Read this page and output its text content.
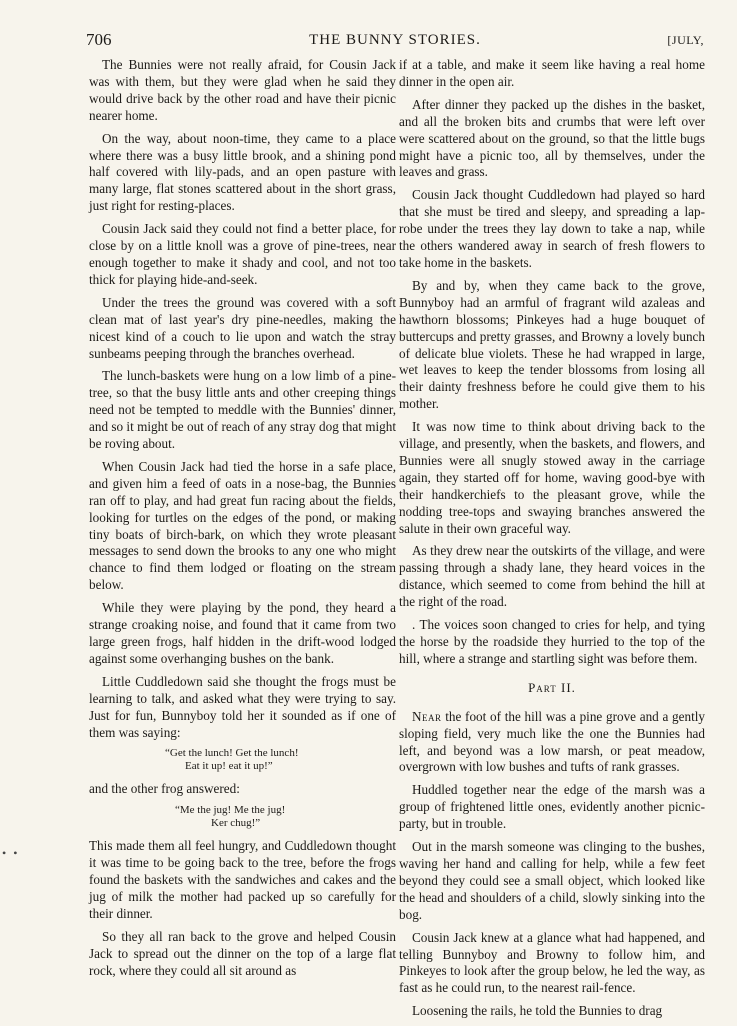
706	THE BUNNY STORIES.	[JULY,

The Bunnies were not really afraid, for Cousin Jack was with them, but they were glad when he said they would drive back by the other road and have their picnic nearer home.

On the way, about noon-time, they came to a place where there was a busy little brook, and a shining pond half covered with lily-pads, and an open pasture with many large, flat stones scattered about in the short grass, just right for resting-places.

Cousin Jack said they could not find a better place, for close by on a little knoll was a grove of pine-trees, near enough together to make it shady and cool, and not too thick for playing hide-and-seek.

Under the trees the ground was covered with a soft clean mat of last year's dry pine-needles, making the nicest kind of a couch to lie upon and watch the stray sunbeams peeping through the branches overhead.

The lunch-baskets were hung on a low limb of a pine-tree, so that the busy little ants and other creeping things need not be tempted to meddle with the Bunnies' dinner, and so it might be out of reach of any stray dog that might be roving about.

When Cousin Jack had tied the horse in a safe place, and given him a feed of oats in a nose-bag, the Bunnies ran off to play, and had great fun racing about the fields, looking for turtles on the edges of the pond, or making tiny boats of birch-bark, on which they wrote pleasant messages to send down the brooks to any one who might chance to find them lodged or floating on the stream below.

While they were playing by the pond, they heard a strange croaking noise, and found that it came from two large green frogs, half hidden in the drift-wood lodged against some overhanging bushes on the bank.

Little Cuddledown said she thought the frogs must be learning to talk, and asked what they were trying to say. Just for fun, Bunnyboy told her it sounded as if one of them was saying:

“Get the lunch! Get the lunch!
Eat it up! eat it up!”

and the other frog answered:

“Me the jug! Me the jug!
Ker chug!”

This made them all feel hungry, and Cuddledown thought it was time to be going back to the tree, before the frogs found the baskets with the sandwiches and cakes and the jug of milk the mother had packed up so carefully for their dinner.

So they all ran back to the grove and helped Cousin Jack to spread out the dinner on the top of a large flat rock, where they could all sit around as

if at a table, and make it seem like having a real home dinner in the open air.

After dinner they packed up the dishes in the basket, and all the broken bits and crumbs that were left over were scattered about on the ground, so that the little bugs might have a picnic too, all by themselves, under the leaves and grass.

Cousin Jack thought Cuddledown had played so hard that she must be tired and sleepy, and spreading a lap-robe under the trees they lay down to take a nap, while the others wandered away in search of fresh flowers to take home in the baskets.

By and by, when they came back to the grove, Bunnyboy had an armful of fragrant wild azaleas and hawthorn blossoms; Pinkeyes had a huge bouquet of buttercups and pretty grasses, and Browny a lovely bunch of delicate blue violets. These he had wrapped in large, wet leaves to keep the tender blossoms from losing all their dainty freshness before he could give them to his mother.

It was now time to think about driving back to the village, and presently, when the baskets, and flowers, and Bunnies were all snugly stowed away in the carriage again, they started off for home, waving good-bye with their handkerchiefs to the pleasant grove, while the nodding tree-tops and swaying branches answered the salute in their own graceful way.

As they drew near the outskirts of the village, and were passing through a shady lane, they heard voices in the distance, which seemed to come from behind the hill at the right of the road.

. The voices soon changed to cries for help, and tying the horse by the roadside they hurried to the top of the hill, where a strange and startling sight was before them.

Part II.

Near the foot of the hill was a pine grove and a gently sloping field, very much like the one the Bunnies had left, and beyond was a low marsh, or peat meadow, overgrown with low bushes and tufts of rank grasses.

Huddled together near the edge of the marsh was a group of frightened little ones, evidently another picnic-party, but in trouble.

Out in the marsh someone was clinging to the bushes, waving her hand and calling for help, while a few feet beyond they could see a small object, which looked like the head and shoulders of a child, slowly sinking into the bog.

Cousin Jack knew at a glance what had happened, and telling Bunnyboy and Browny to follow him, and Pinkeyes to look after the group below, he led the way, as fast as he could run, to the nearest rail-fence.

Loosening the rails, he told the Bunnies to drag

• •
